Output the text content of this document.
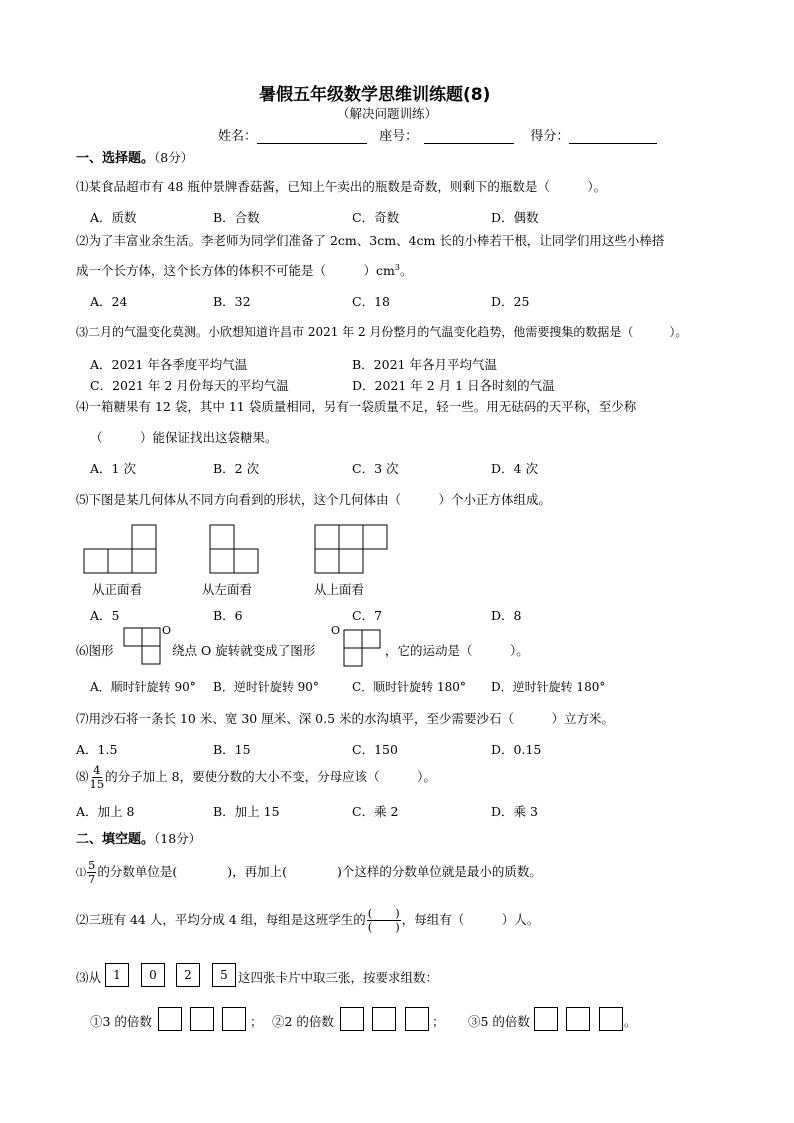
暑假五年级数学思维训练题(8)
（解决问题训练）
姓名：	座号：	得分：
一、选择题。（8分）
⑴某食品超市有 48 瓶仲景牌香菇酱，已知上午卖出的瓶数是奇数，则剩下的瓶数是（　　　）。
A．质数	B．合数	C．奇数	D．偶数
⑵为了丰富业余生活。李老师为同学们准备了 2cm、3cm、4cm 长的小棒若干根，让同学们用这些小棒搭
成一个长方体，这个长方体的体积不可能是（　　　）$cm^3$。
A．24	B．32	C．18	D．25
⑶二月的气温变化莫测。小欣想知道许昌市 2021 年 2 月份整月的气温变化趋势，他需要搜集的数据是（　　　）。
A．2021 年各季度平均气温	B．2021 年各月平均气温
C．2021 年 2 月份每天的平均气温	D．2021 年 2 月 1 日各时刻的气温
⑷一箱糖果有 12 袋，其中 11 袋质量相同，另有一袋质量不足，轻一些。用无砝码的天平称，至少称
（　　　）能保证找出这袋糖果。
A．1 次	B．2 次	C．3 次	D．4 次
⑸下图是某几何体从不同方向看到的形状，这个几何体由（　　　）个小正方体组成。
从正面看	从左面看	从上面看
A．5	B．6	C．7	D．8
⑹图形
O
绕点 O 旋转就变成了图形
O
，它的运动是（　　　）。
A．顺时针旋转 90° B．逆时针旋转 90°	C．顺时针旋转 180° D．逆时针旋转 180°
⑺用沙石将一条长 10 米、宽 30 厘米、深 0.5 米的水沟填平，至少需要沙石（　　　）立方米。
A．1.5	B．15	C．150	D．0.15
⑻ $\frac{4}{15}$ 的分子加上 8，要使分数的大小不变，分母应该（　　　）。
A．加上 8	B．加上 15	C．乘 2	D．乘 3
二、填空题。（18分）
⑴ $\frac{5}{7}$ 的分数单位是(　　　　)，再加上(　　　　)个这样的分数单位就是最小的质数。
⑵三班有 44 人，平均分成 4 组，每组是这班学生的 $\frac{( )}{( )}$ ，每组有（　　　）人。
⑶从	1	0	2	5 这四张卡片中取三张，按要求组数：
①3 的倍数	； ②2 的倍数	； ③5 的倍数	。
